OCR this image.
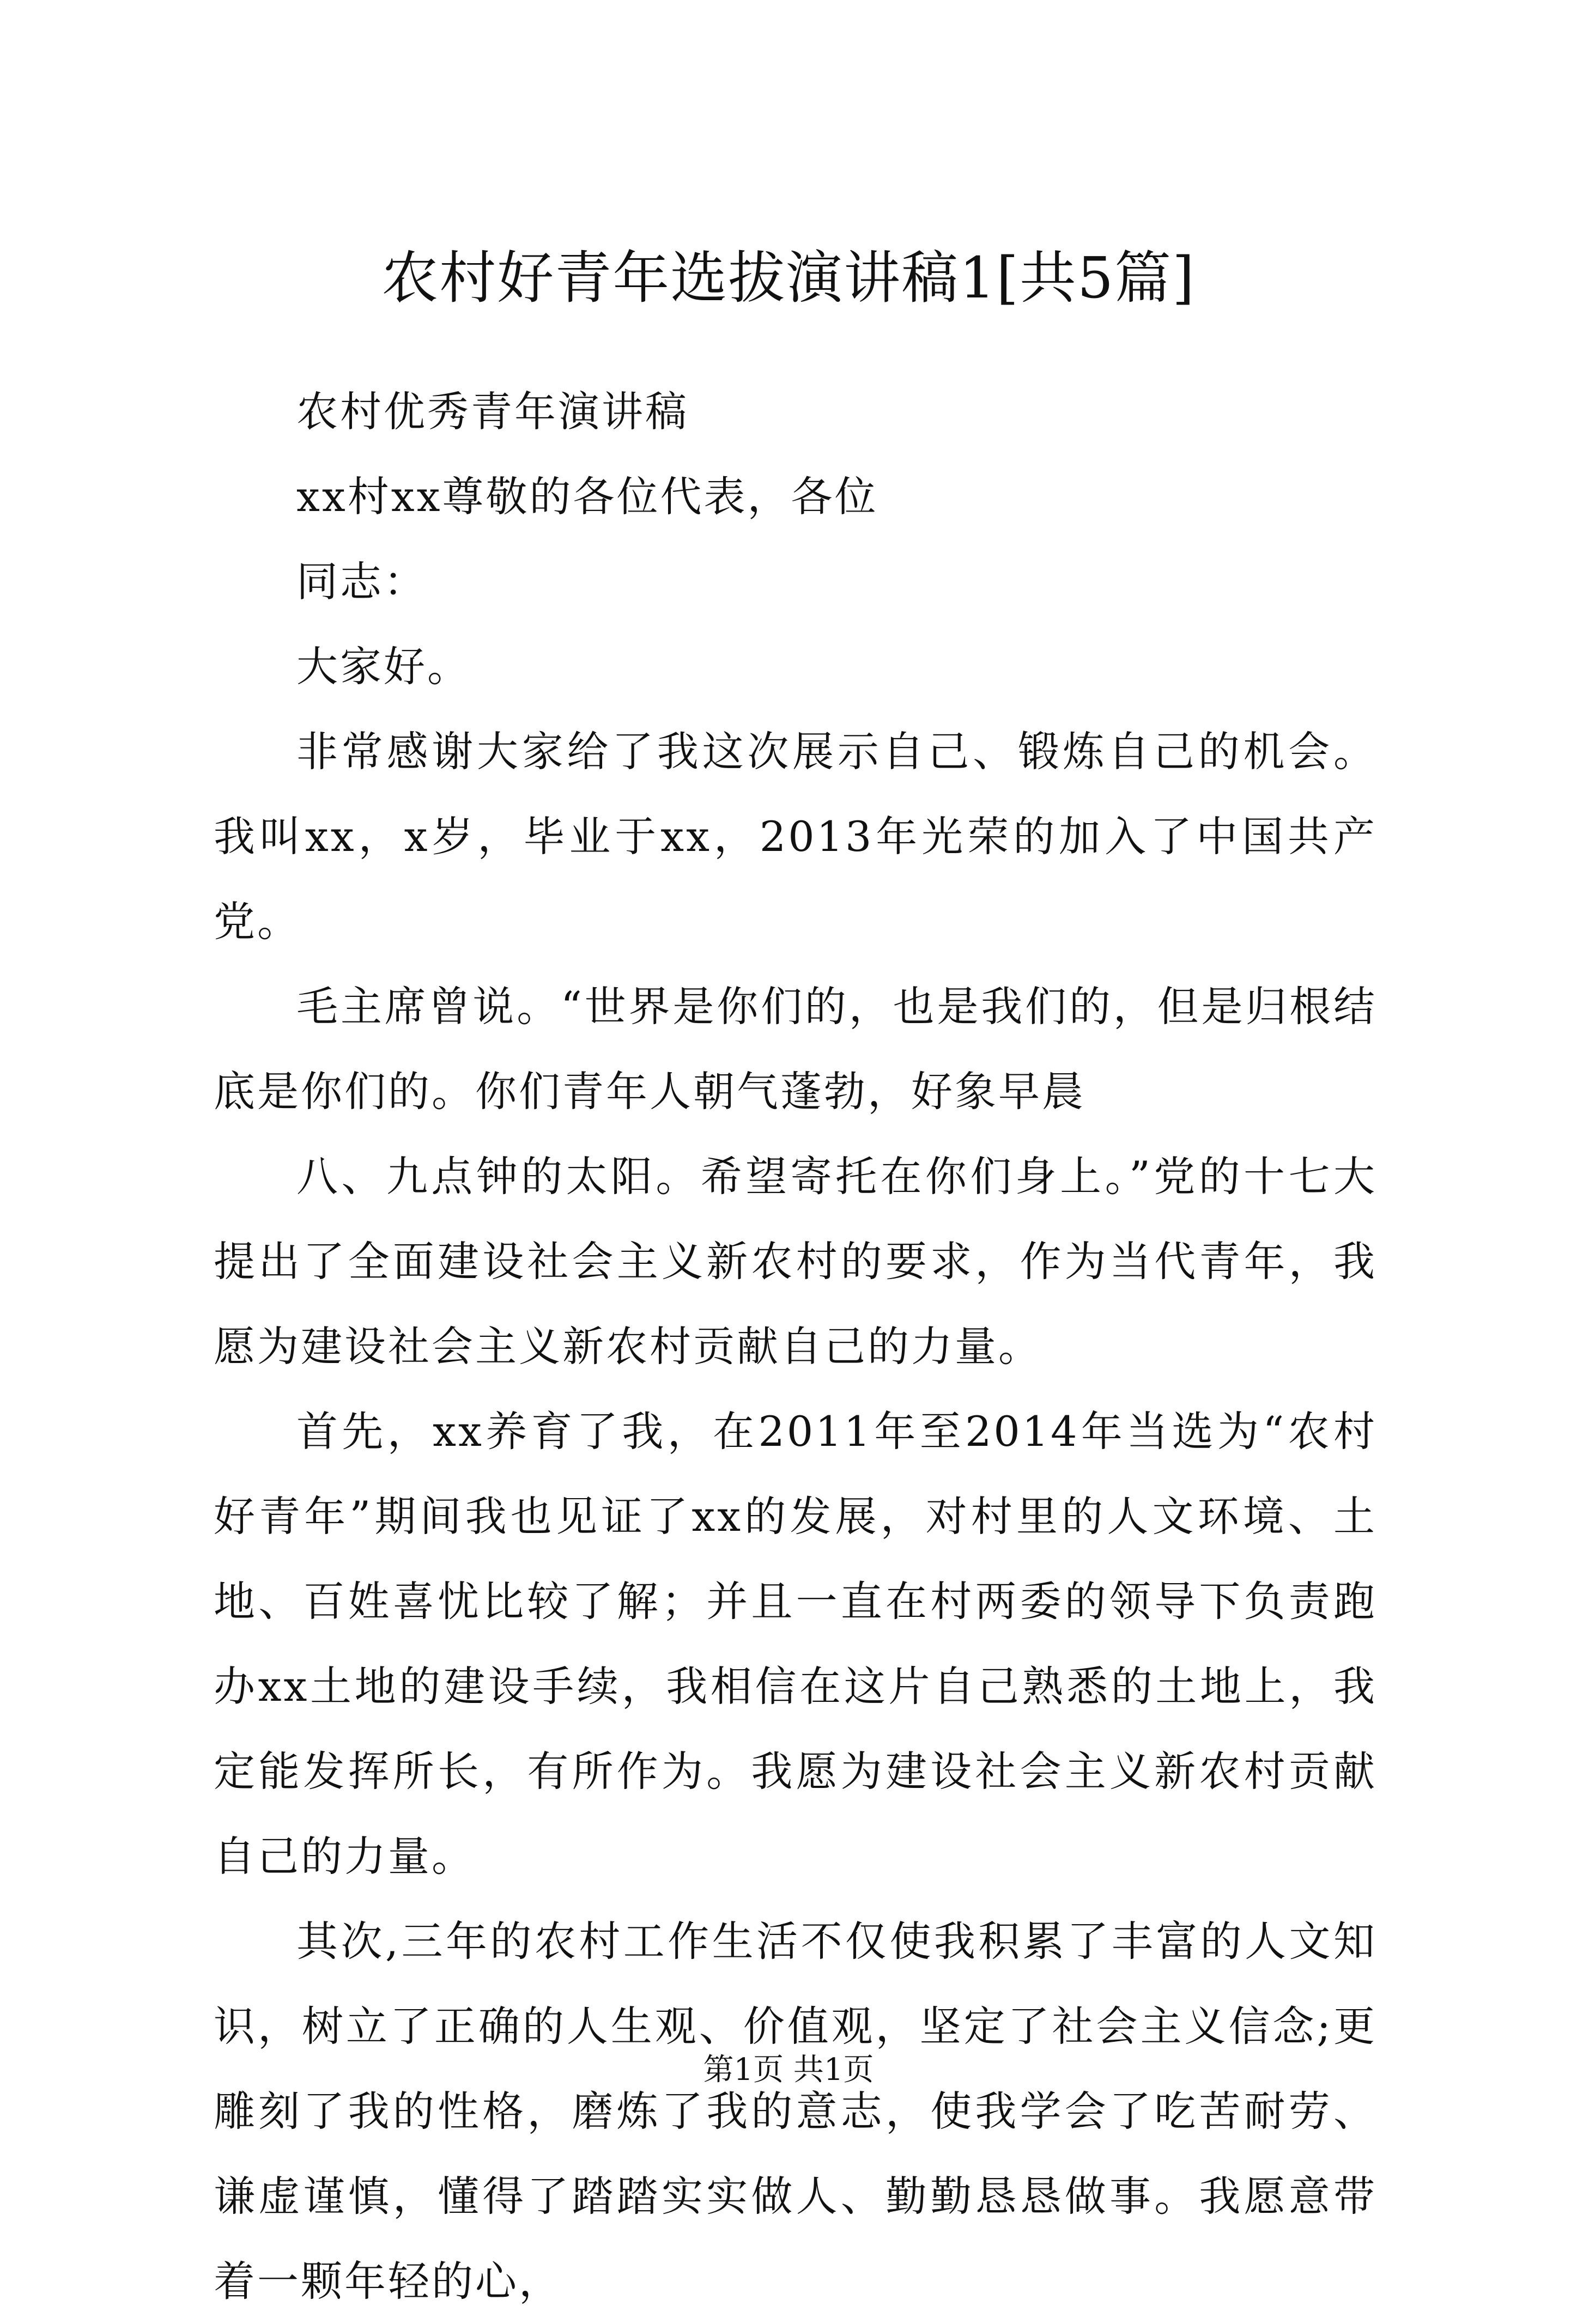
农村好青年选拔演讲稿1[共5篇]

农村优秀青年演讲稿

xx村xx尊敬的各位代表，各位

同志：

大家好。

非常感谢大家给了我这次展示自己、锻炼自己的机会。我叫xx，x岁，毕业于xx，2013年光荣的加入了中国共产党。

毛主席曾说。“世界是你们的，也是我们的，但是归根结底是你们的。你们青年人朝气蓬勃，好象早晨

八、九点钟的太阳。希望寄托在你们身上。”党的十七大提出了全面建设社会主义新农村的要求，作为当代青年，我愿为建设社会主义新农村贡献自己的力量。

首先，xx养育了我，在2011年至2014年当选为“农村好青年”期间我也见证了xx的发展，对村里的人文环境、土地、百姓喜忧比较了解；并且一直在村两委的领导下负责跑办xx土地的建设手续，我相信在这片自己熟悉的土地上，我定能发挥所长，有所作为。我愿为建设社会主义新农村贡献自己的力量。

其次,三年的农村工作生活不仅使我积累了丰富的人文知识，树立了正确的人生观、价值观，坚定了社会主义信念;更雕刻了我的性格，磨炼了我的意志，使我学会了吃苦耐劳、谦虚谨慎，懂得了踏踏实实做人、勤勤恳恳做事。我愿意带着一颗年轻的心，

第1页 共1页
